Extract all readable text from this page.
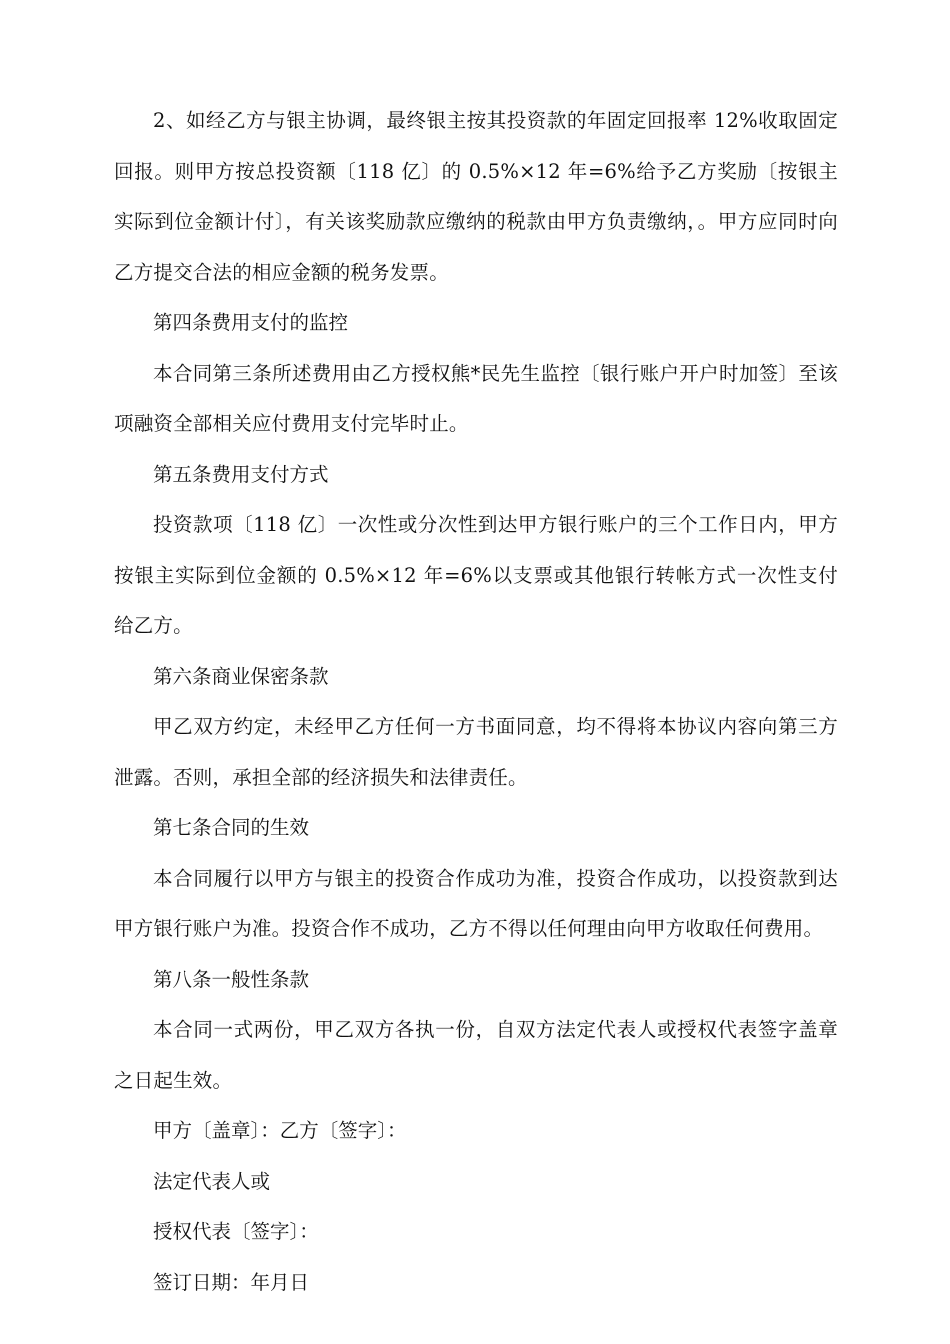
2、如经乙方与银主协调，最终银主按其投资款的年固定回报率 12%收取固定回报。则甲方按总投资额〔118 亿〕的 0.5%×12 年=6%给予乙方奖励〔按银主实际到位金额计付〕，有关该奖励款应缴纳的税款由甲方负责缴纳，。甲方应同时向乙方提交合法的相应金额的税务发票。

第四条费用支付的监控

本合同第三条所述费用由乙方授权熊*民先生监控〔银行账户开户时加签〕至该项融资全部相关应付费用支付完毕时止。

第五条费用支付方式

投资款项〔118 亿〕一次性或分次性到达甲方银行账户的三个工作日内，甲方按银主实际到位金额的 0.5%×12 年=6%以支票或其他银行转帐方式一次性支付给乙方。

第六条商业保密条款

甲乙双方约定，未经甲乙方任何一方书面同意，均不得将本协议内容向第三方泄露。否则，承担全部的经济损失和法律责任。

第七条合同的生效

本合同履行以甲方与银主的投资合作成功为准，投资合作成功，以投资款到达甲方银行账户为准。投资合作不成功，乙方不得以任何理由向甲方收取任何费用。

第八条一般性条款

本合同一式两份，甲乙双方各执一份，自双方法定代表人或授权代表签字盖章之日起生效。

甲方〔盖章〕：乙方〔签字〕：

法定代表人或

授权代表〔签字〕：

签订日期：年月日
